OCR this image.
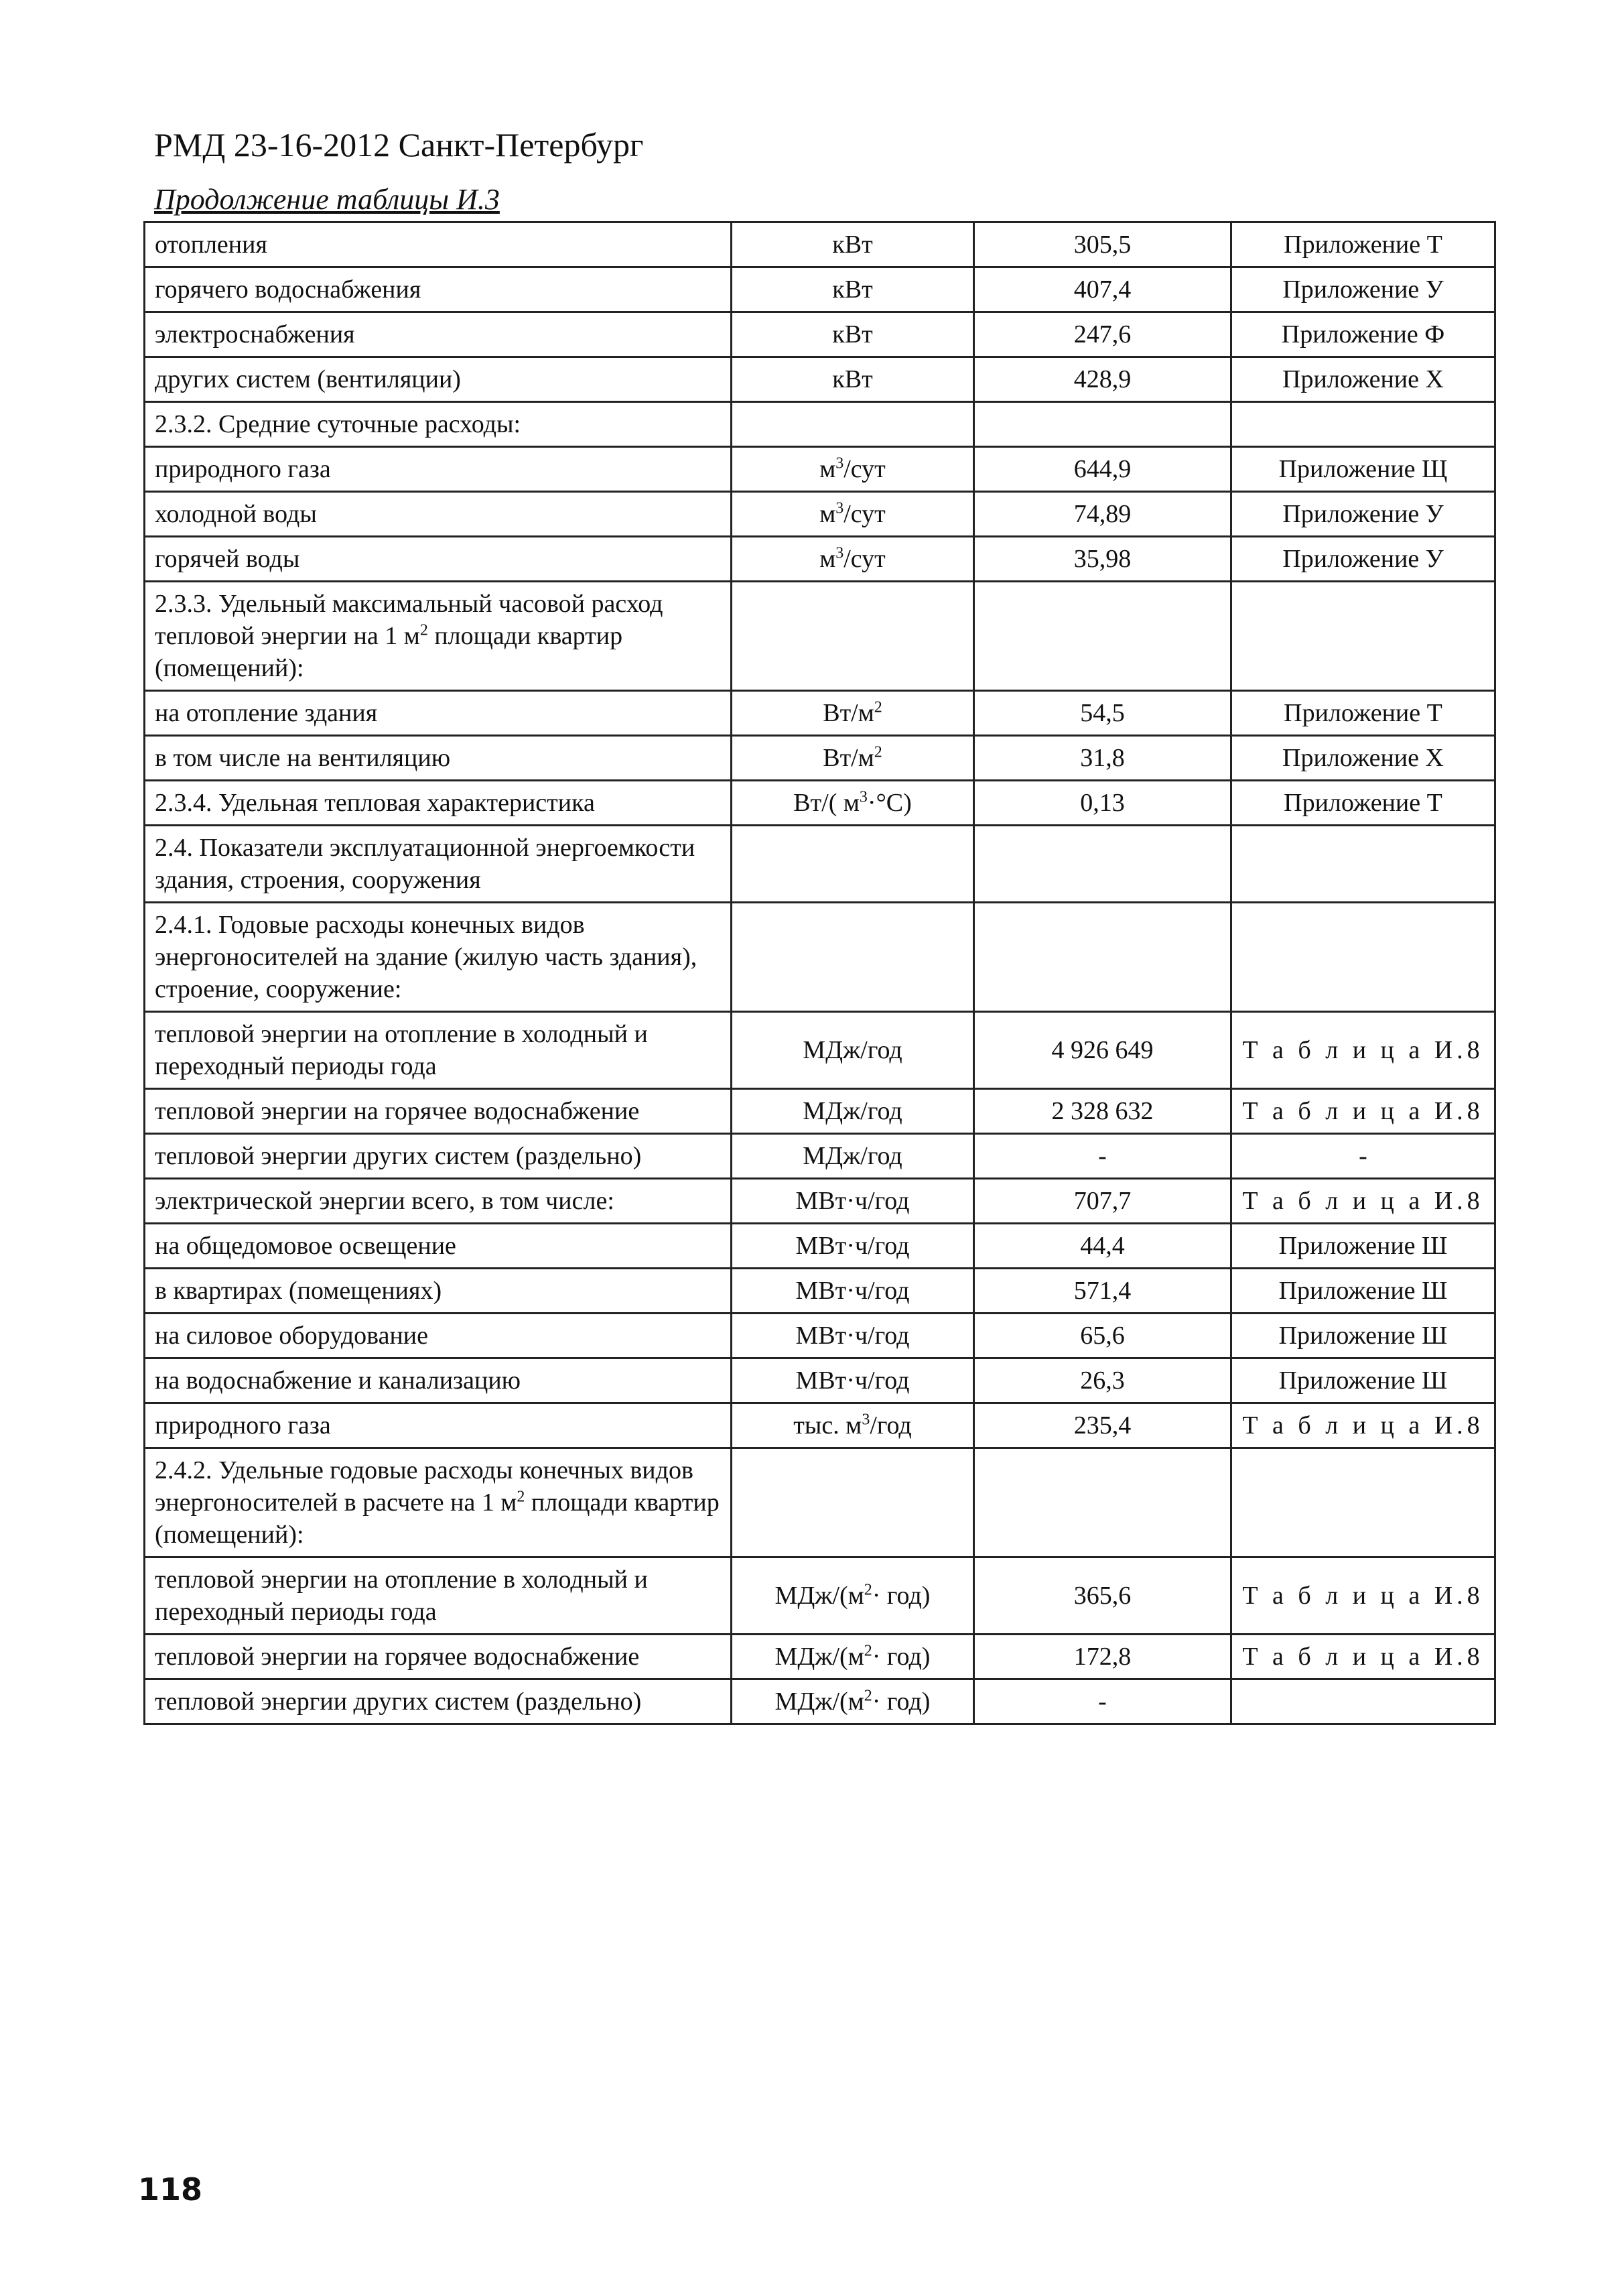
РМД 23-16-2012 Санкт-Петербург
Продолжение таблицы И.3
отопления	кВт	305,5	Приложение Т
горячего водоснабжения	кВт	407,4	Приложение У
электроснабжения	кВт	247,6	Приложение Ф
других систем (вентиляции)	кВт	428,9	Приложение Х
2.3.2. Средние суточные расходы:			
природного газа	$м^3$/сут	644,9	Приложение Щ
холодной воды	$м^3$/сут	74,89	Приложение У
горячей воды	$м^3$/сут	35,98	Приложение У
2.3.3. Удельный максимальный часовой расход тепловой энергии на 1 $м^2$ площади квартир (помещений):			
на отопление здания	$Вт/м^2$	54,5	Приложение Т
в том числе на вентиляцию	$Вт/м^2$	31,8	Приложение Х
2.3.4. Удельная тепловая характеристика	Вт/( $м^3\cdot^\circ С$)	0,13	Приложение Т
2.4. Показатели эксплуатационной энергоемкости здания, строения, сооружения			
2.4.1. Годовые расходы конечных видов энергоносителей на здание (жилую часть здания), строение, сооружение:			
тепловой энергии на отопление в холодный и переходный периоды года	МДж/год	4 926 649	Т а б л и ц а И.8
тепловой энергии на горячее водоснабжение	МДж/год	2 328 632	Т а б л и ц а И.8
тепловой энергии других систем (раздельно)	МДж/год	-	-
электрической энергии всего, в том числе:	МВт·ч/год	707,7	Т а б л и ц а И.8
на общедомовое освещение	МВт·ч/год	44,4	Приложение Ш
в квартирах (помещениях)	МВт·ч/год	571,4	Приложение Ш
на силовое оборудование	МВт·ч/год	65,6	Приложение Ш
на водоснабжение и канализацию	МВт·ч/год	26,3	Приложение Ш
природного газа	тыс. $м^3$/год	235,4	Т а б л и ц а И.8
2.4.2. Удельные годовые расходы конечных видов энергоносителей в расчете на 1 $м^2$ площади квартир (помещений):			
тепловой энергии на отопление в холодный и переходный периоды года	МДж/$(м^2\cdot год)$	365,6	Т а б л и ц а И.8
тепловой энергии на горячее водоснабжение	МДж/$(м^2\cdot год)$	172,8	Т а б л и ц а И.8
тепловой энергии других систем (раздельно)	МДж/$(м^2\cdot год)$	-	
118
